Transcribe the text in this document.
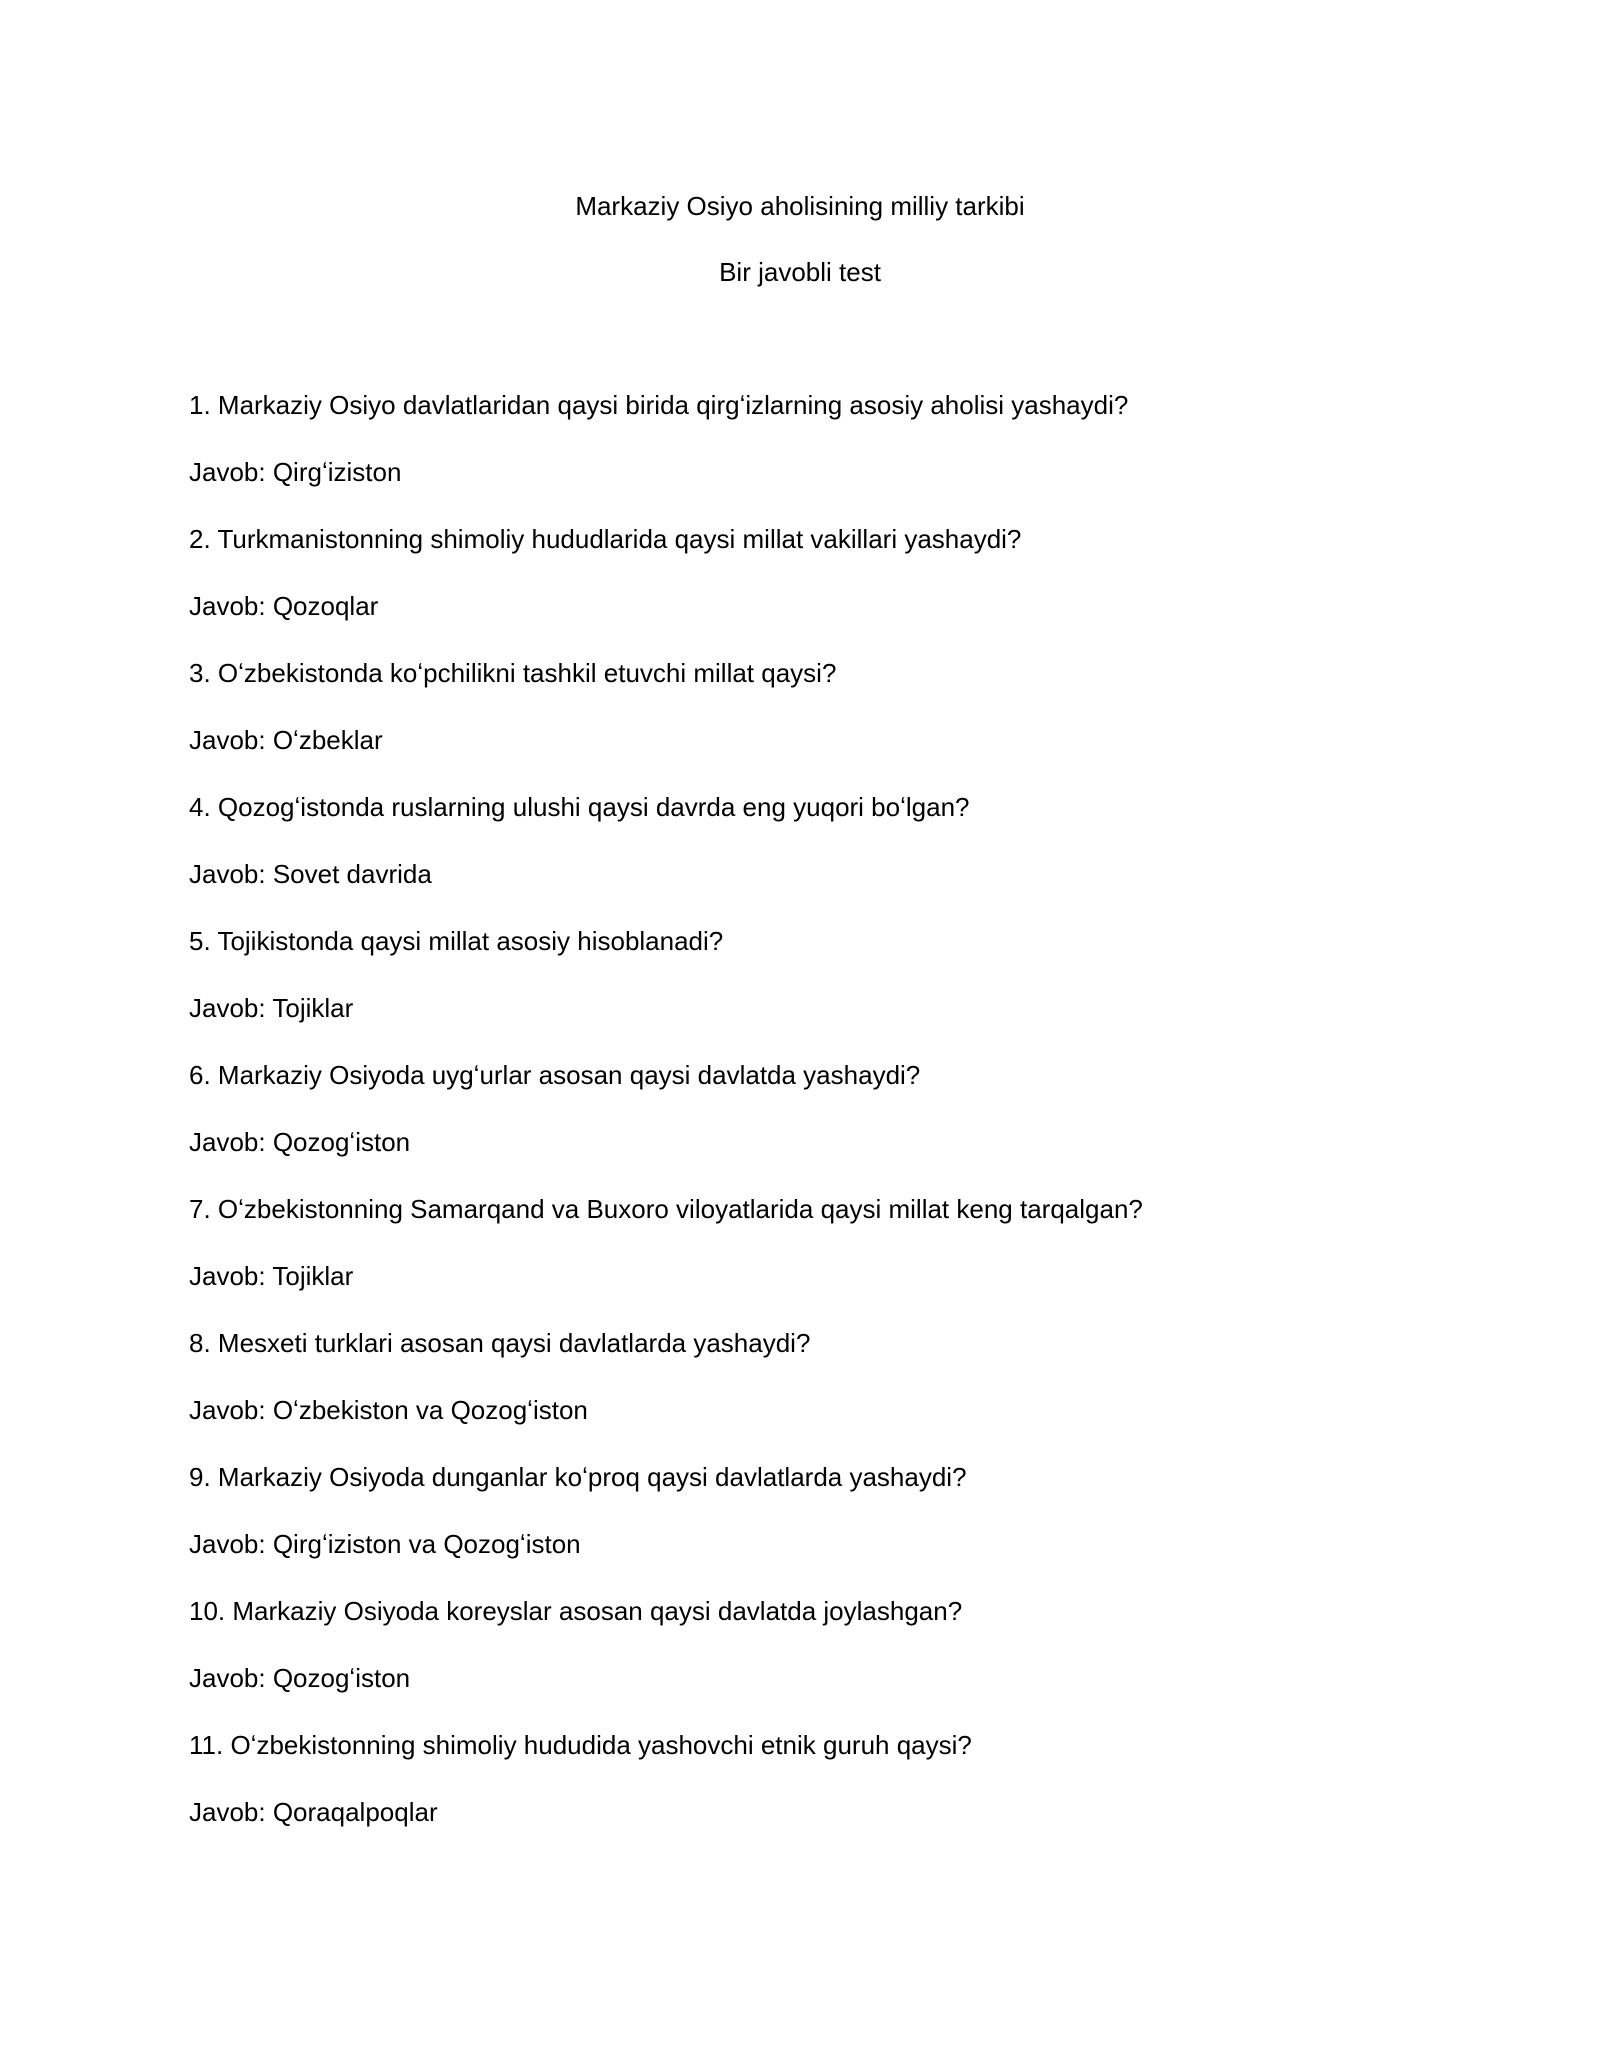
Markaziy Osiyo aholisining milliy tarkibi
Bir javobli test
1. Markaziy Osiyo davlatlaridan qaysi birida qirgʻizlarning asosiy aholisi yashaydi?
Javob: Qirgʻiziston
2. Turkmanistonning shimoliy hududlarida qaysi millat vakillari yashaydi?
Javob: Qozoqlar
3. Oʻzbekistonda koʻpchilikni tashkil etuvchi millat qaysi?
Javob: Oʻzbeklar
4. Qozogʻistonda ruslarning ulushi qaysi davrda eng yuqori boʻlgan?
Javob: Sovet davrida
5. Tojikistonda qaysi millat asosiy hisoblanadi?
Javob: Tojiklar
6. Markaziy Osiyoda uygʻurlar asosan qaysi davlatda yashaydi?
Javob: Qozogʻiston
7. Oʻzbekistonning Samarqand va Buxoro viloyatlarida qaysi millat keng tarqalgan?
Javob: Tojiklar
8. Mesxeti turklari asosan qaysi davlatlarda yashaydi?
Javob: Oʻzbekiston va Qozogʻiston
9. Markaziy Osiyoda dunganlar koʻproq qaysi davlatlarda yashaydi?
Javob: Qirgʻiziston va Qozogʻiston
10. Markaziy Osiyoda koreyslar asosan qaysi davlatda joylashgan?
Javob: Qozogʻiston
11. Oʻzbekistonning shimoliy hududida yashovchi etnik guruh qaysi?
Javob: Qoraqalpoqlar
